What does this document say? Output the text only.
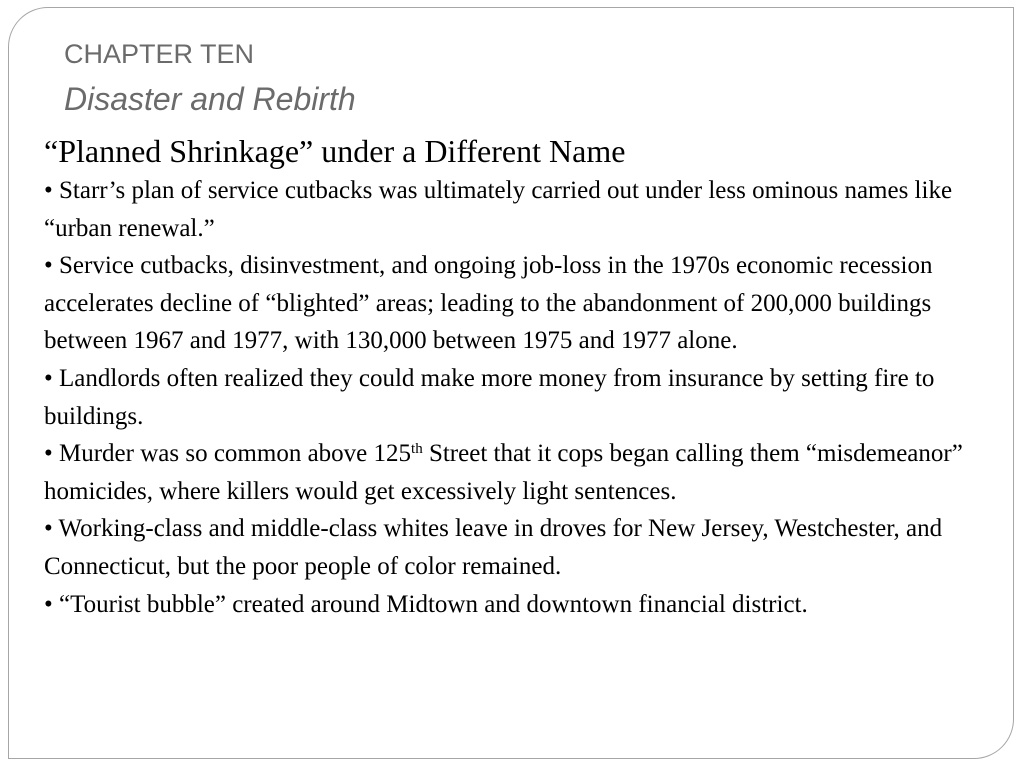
CHAPTER TEN

Disaster and Rebirth

“Planned Shrinkage” under a Different Name

• Starr’s plan of service cutbacks was ultimately carried out under less ominous names like “urban renewal.”

• Service cutbacks, disinvestment, and ongoing job-loss in the 1970s economic recession accelerates decline of “blighted” areas; leading to the abandonment of 200,000 buildings between 1967 and 1977, with 130,000 between 1975 and 1977 alone.

• Landlords often realized they could make more money from insurance by setting fire to buildings.

• Murder was so common above 125th Street that it cops began calling them “misdemeanor” homicides, where killers would get excessively light sentences.

• Working-class and middle-class whites leave in droves for New Jersey, Westchester, and Connecticut, but the poor people of color remained.

• “Tourist bubble” created around Midtown and downtown financial district.
